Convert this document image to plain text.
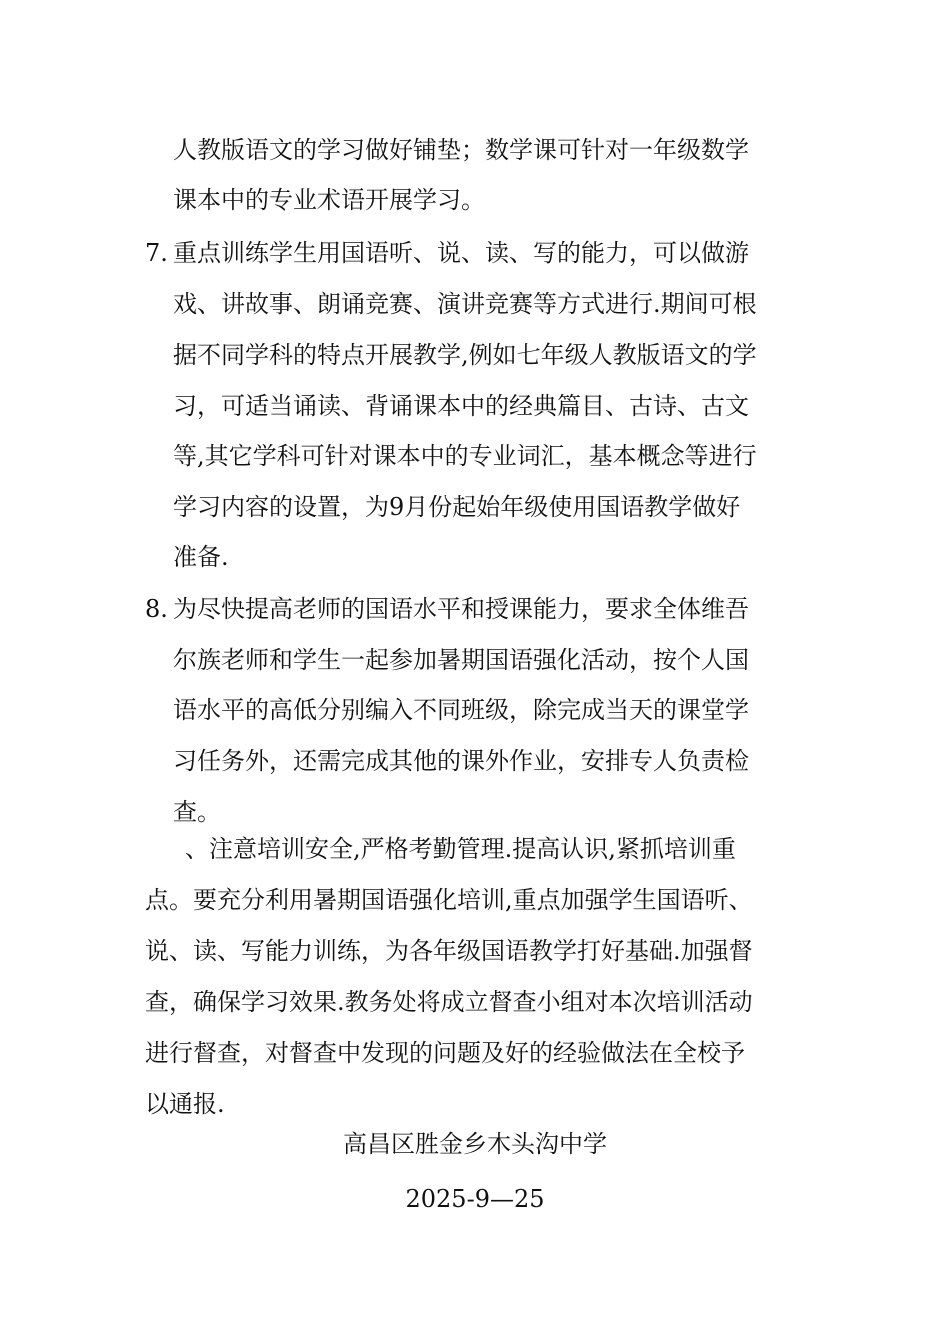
人教版语文的学习做好铺垫；数学课可针对一年级数学
课本中的专业术语开展学习。
7. 重点训练学生用国语听、说、读、写的能力，可以做游
戏、讲故事、朗诵竞赛、演讲竞赛等方式进行.期间可根
据不同学科的特点开展教学,例如七年级人教版语文的学
习，可适当诵读、背诵课本中的经典篇目、古诗、古文
等,其它学科可针对课本中的专业词汇，基本概念等进行
学习内容的设置，为9月份起始年级使用国语教学做好
准备.
8. 为尽快提高老师的国语水平和授课能力，要求全体维吾
尔族老师和学生一起参加暑期国语强化活动，按个人国
语水平的高低分别编入不同班级，除完成当天的课堂学
习任务外，还需完成其他的课外作业，安排专人负责检
查。
、注意培训安全,严格考勤管理.提高认识,紧抓培训重
点。要充分利用暑期国语强化培训,重点加强学生国语听、
说、读、写能力训练，为各年级国语教学打好基础.加强督
查，确保学习效果.教务处将成立督查小组对本次培训活动
进行督查，对督查中发现的问题及好的经验做法在全校予
以通报.
高昌区胜金乡木头沟中学
2025-9—25
